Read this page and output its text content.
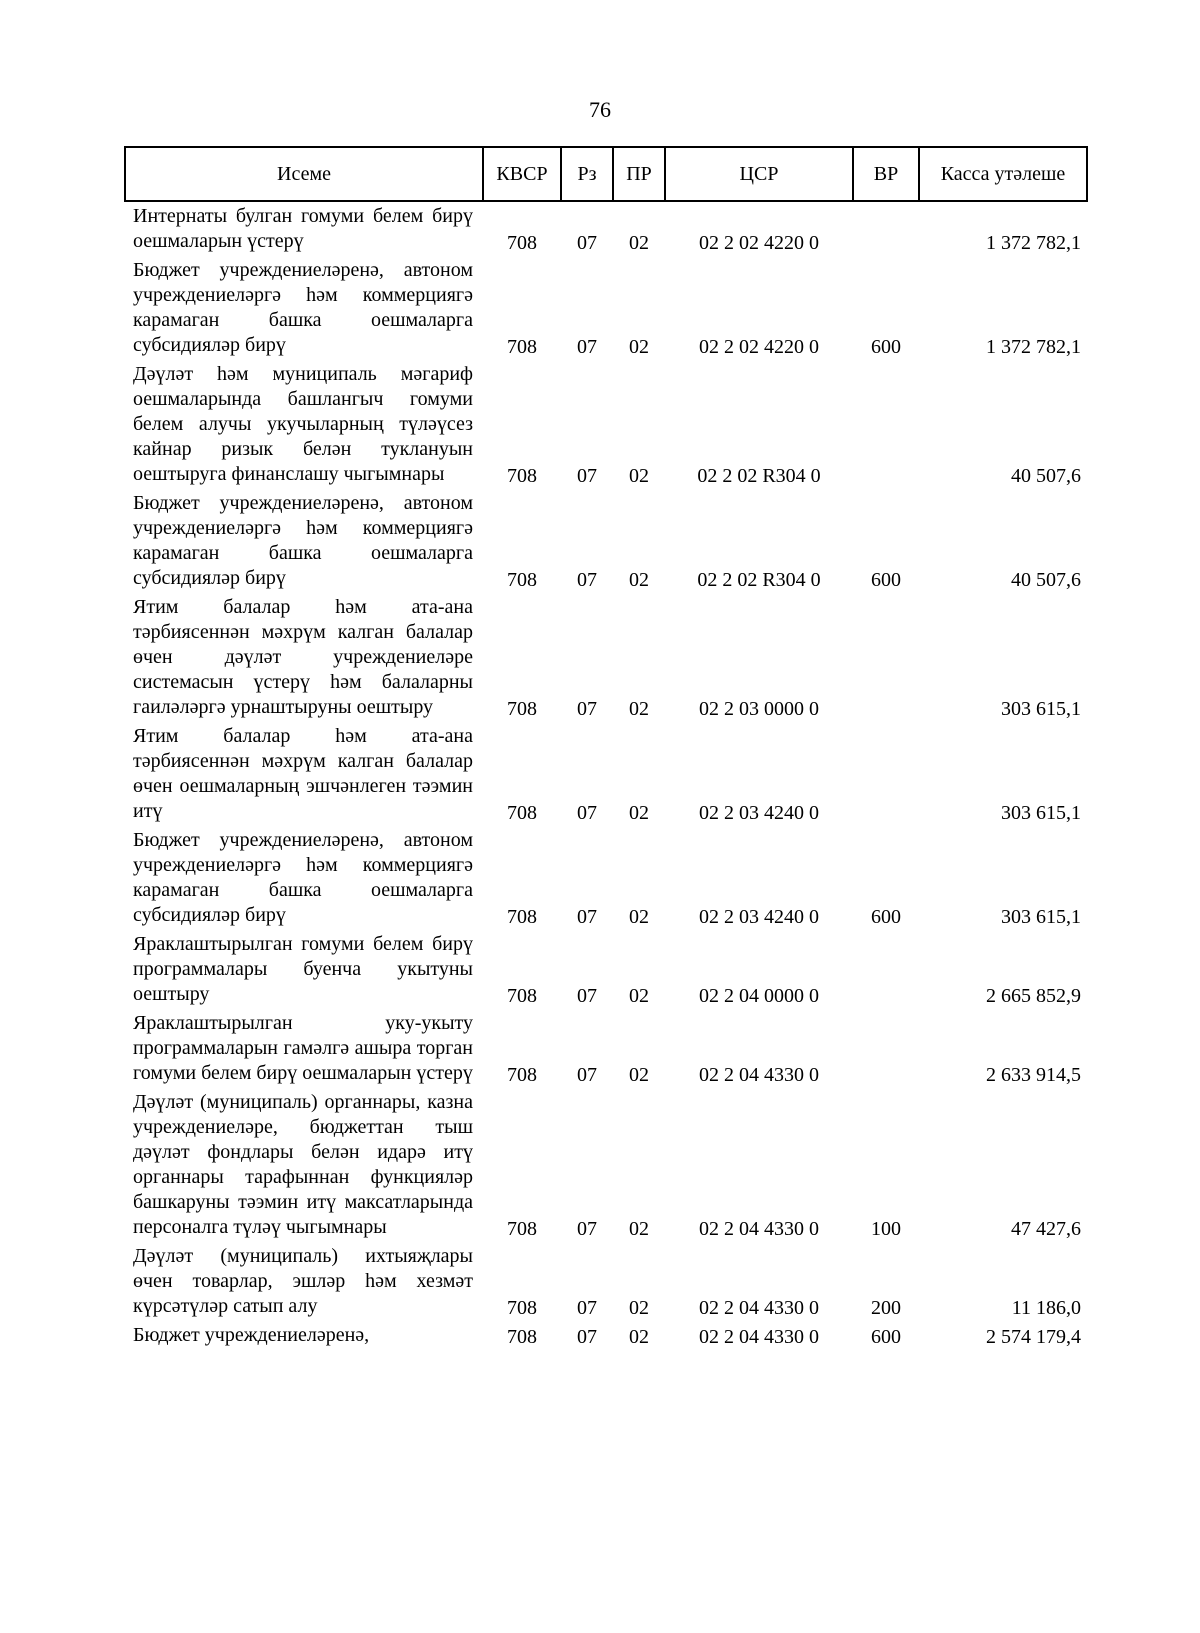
76
Исеме	КВСР	Рз	ПР	ЦСР	ВР	Касса утәлеше
Интернаты булган гомуми белем бирү оешмаларын үстерү	708	07	02	02 2 02 4220 0		1 372 782,1
Бюджет учреждениеләренә, автоном учреждениеләргә һәм коммерциягә карамаган башка оешмаларга субсидияләр бирү	708	07	02	02 2 02 4220 0	600	1 372 782,1
Дәүләт һәм муниципаль мәгариф оешмаларында башлангыч гомуми белем алучы укучыларның түләүсез кайнар ризык белән туклануын оештыруга финанслашу чыгымнары	708	07	02	02 2 02 R304 0		40 507,6
Бюджет учреждениеләренә, автоном учреждениеләргә һәм коммерциягә карамаган башка оешмаларга субсидияләр бирү	708	07	02	02 2 02 R304 0	600	40 507,6
Ятим балалар һәм ата-ана тәрбиясеннән мәхрүм калган балалар өчен дәүләт учреждениеләре системасын үстерү һәм балаларны гаиләләргә урнаштыруны оештыру	708	07	02	02 2 03 0000 0		303 615,1
Ятим балалар һәм ата-ана тәрбиясеннән мәхрүм калган балалар өчен оешмаларның эшчәнлеген тәэмин итү	708	07	02	02 2 03 4240 0		303 615,1
Бюджет учреждениеләренә, автоном учреждениеләргә һәм коммерциягә карамаган башка оешмаларга субсидияләр бирү	708	07	02	02 2 03 4240 0	600	303 615,1
Яраклаштырылган гомуми белем бирү программалары буенча укытуны оештыру	708	07	02	02 2 04 0000 0		2 665 852,9
Яраклаштырылган уку-укыту программаларын гамәлгә ашыра торган гомуми белем бирү оешмаларын үстерү	708	07	02	02 2 04 4330 0		2 633 914,5
Дәүләт (муниципаль) органнары, казна учреждениеләре, бюджеттан тыш дәүләт фондлары белән идарә итү органнары тарафыннан функцияләр башкаруны тәэмин итү максатларында персоналга түләү чыгымнары	708	07	02	02 2 04 4330 0	100	47 427,6
Дәүләт (муниципаль) ихтыяҗлары өчен товарлар, эшләр һәм хезмәт күрсәтүләр сатып алу	708	07	02	02 2 04 4330 0	200	11 186,0
Бюджет учреждениеләренә,	708	07	02	02 2 04 4330 0	600	2 574 179,4
